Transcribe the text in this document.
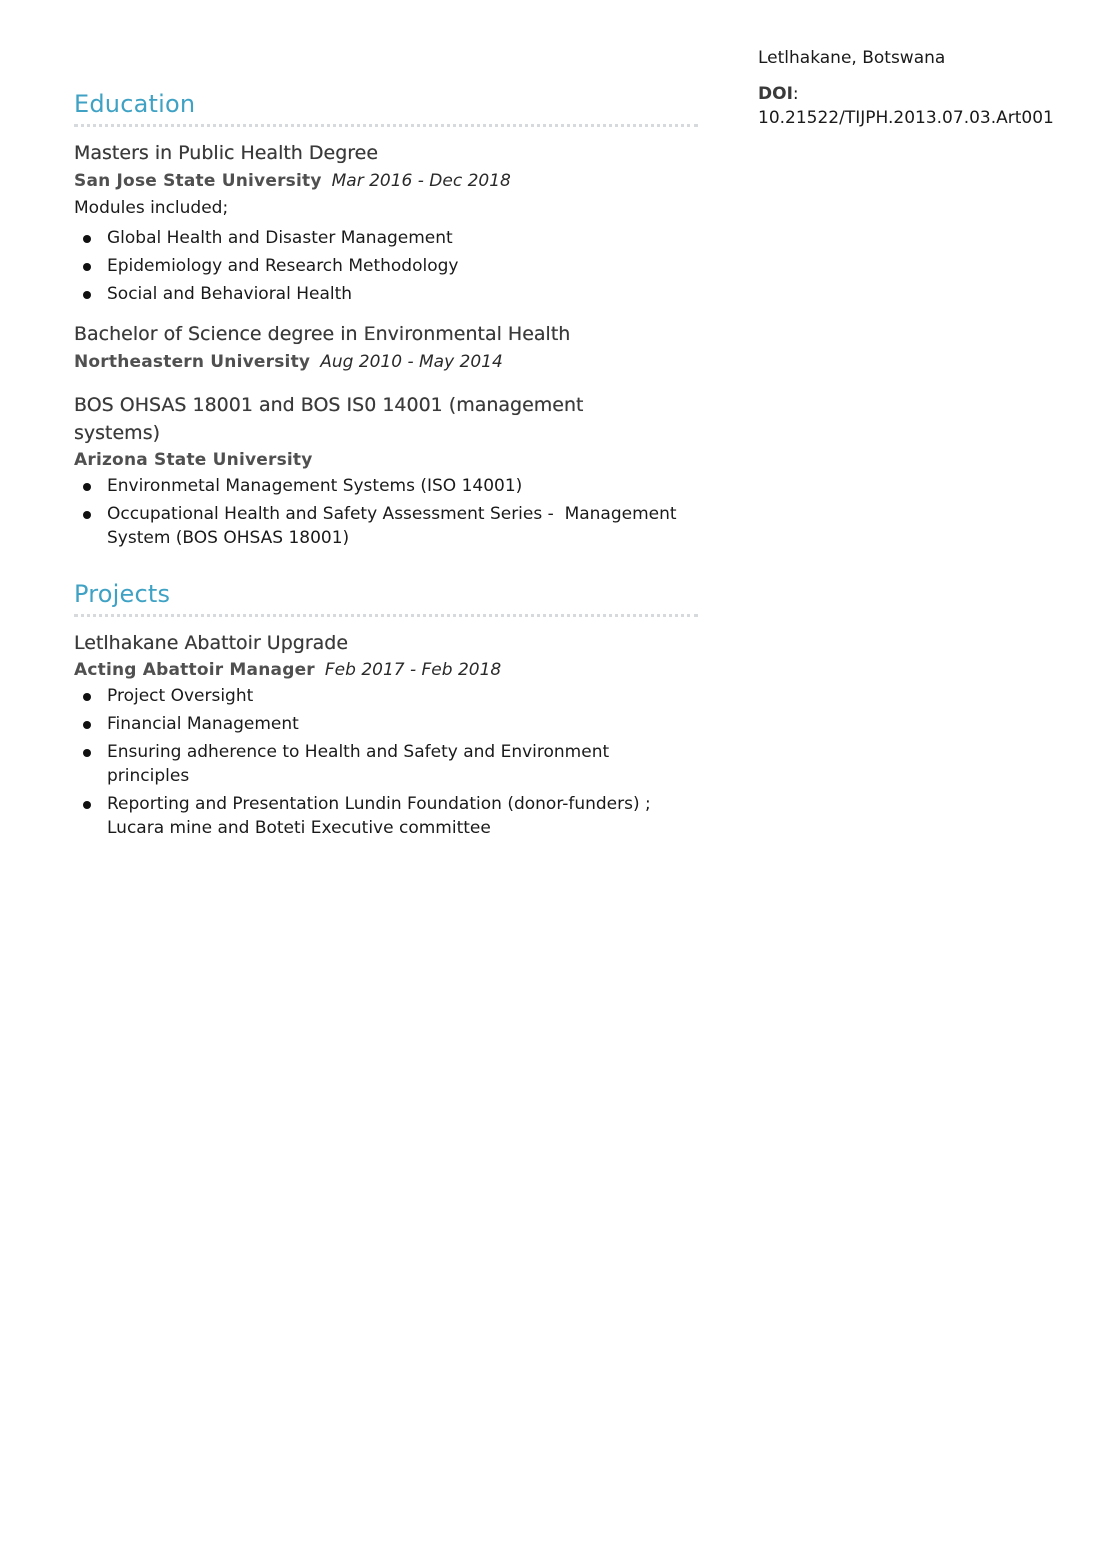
Letlhakane, Botswana

DOI:

10.21522/TIJPH.2013.07.03.Art001

Education
Masters in Public Health Degree

San Jose State University Mar 2016 - Dec 2018

Modules included;

Global Health and Disaster Management
Epidemiology and Research Methodology
Social and Behavioral Health
Bachelor of Science degree in Environmental Health

Northeastern University Aug 2010 - May 2014

BOS OHSAS 18001 and BOS IS0 14001 (management systems)

Arizona State University

Environmetal Management Systems (ISO 14001)
Occupational Health and Safety Assessment Series -  Management System (BOS OHSAS 18001)
Projects
Letlhakane Abattoir Upgrade

Acting Abattoir Manager Feb 2017 - Feb 2018

Project Oversight
Financial Management
Ensuring adherence to Health and Safety and Environment principles
Reporting and Presentation Lundin Foundation (donor-funders) ; Lucara mine and Boteti Executive committee
